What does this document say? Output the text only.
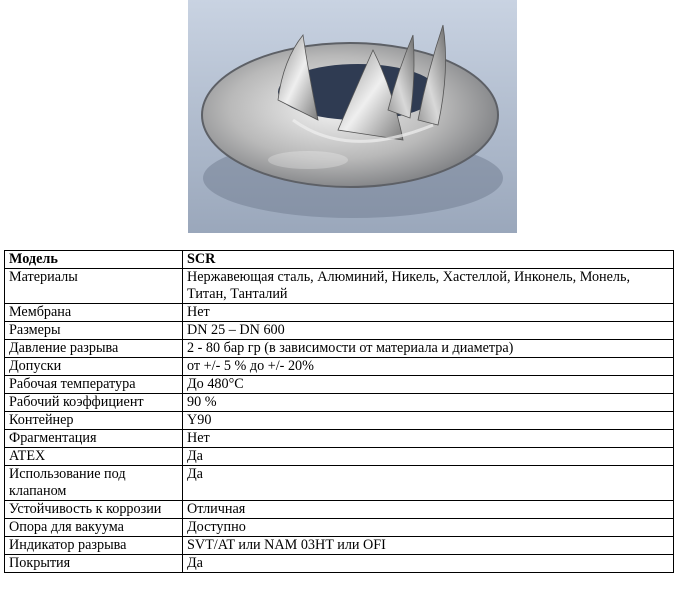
Модель	SCR
Материалы	Нержавеющая сталь, Алюминий, Никель, Хастеллой, Инконель, Монель, Титан, Танталий
Мембрана	Нет
Размеры	DN 25 – DN 600
Давление разрыва	2 - 80 бар гр (в зависимости от материала и диаметра)
Допуски	от +/- 5 % до +/- 20%
Рабочая температура	До 480°C
Рабочий коэффициент	90 %
Контейнер	Y90
Фрагментация	Нет
ATEX	Да
Использование под клапаном	Да
Устойчивость к коррозии	Отличная
Опора для вакуума	Доступно
Индикатор разрыва	SVT/AT или NAM 03HT или OFI
Покрытия	Да
